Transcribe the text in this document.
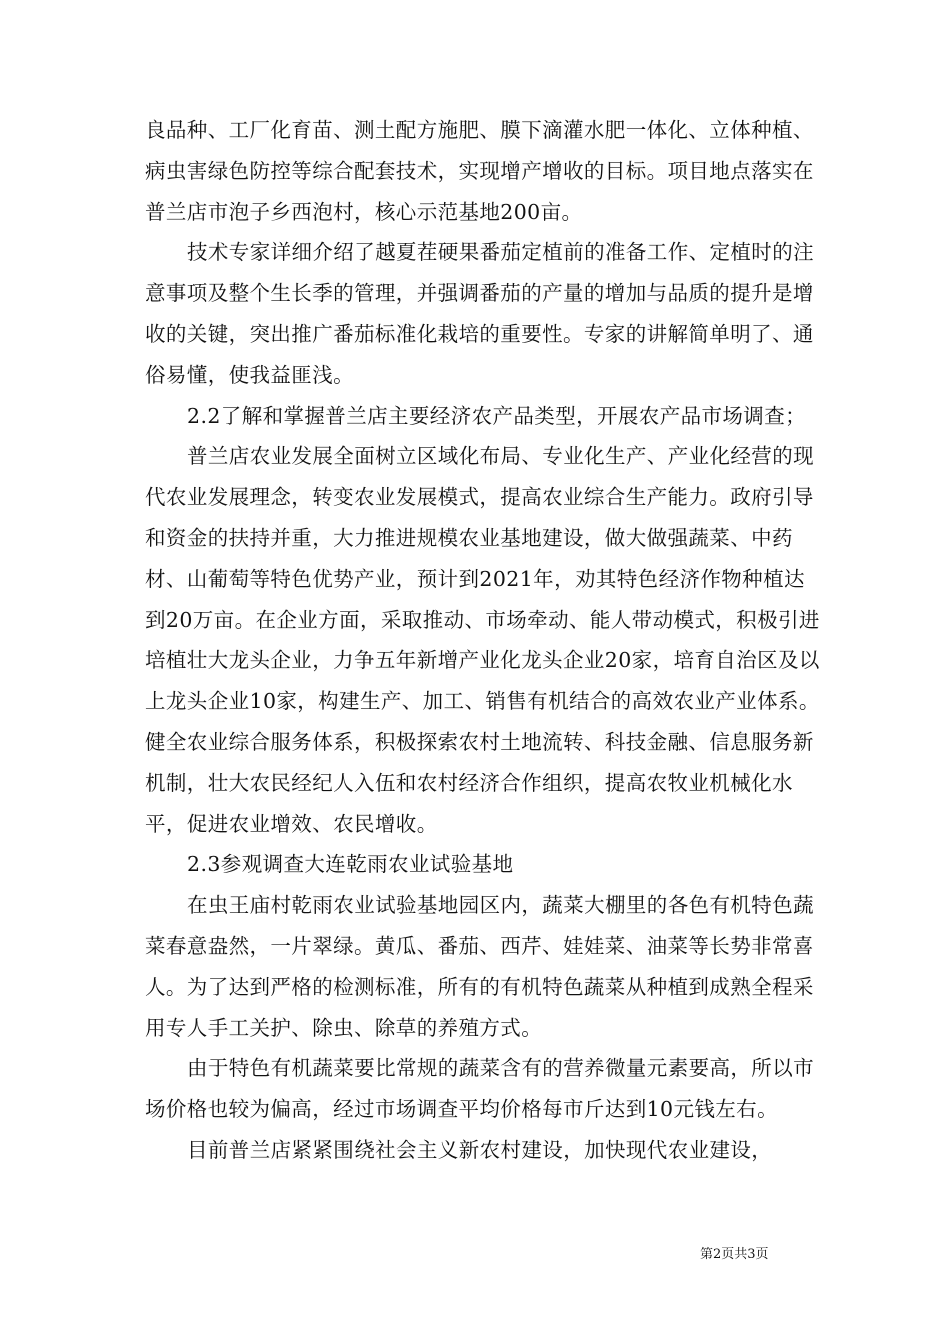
良品种、工厂化育苗、测土配方施肥、膜下滴灌水肥一体化、立体种植、病虫害绿色防控等综合配套技术，实现增产增收的目标。项目地点落实在普兰店市泡子乡西泡村，核心示范基地200亩。

技术专家详细介绍了越夏茬硬果番茄定植前的准备工作、定植时的注意事项及整个生长季的管理，并强调番茄的产量的增加与品质的提升是增收的关键，突出推广番茄标准化栽培的重要性。专家的讲解简单明了、通俗易懂，使我益匪浅。

2.2了解和掌握普兰店主要经济农产品类型，开展农产品市场调查；

普兰店农业发展全面树立区域化布局、专业化生产、产业化经营的现代农业发展理念，转变农业发展模式，提高农业综合生产能力。政府引导和资金的扶持并重，大力推进规模农业基地建设，做大做强蔬菜、中药材、山葡萄等特色优势产业，预计到2021年，劝其特色经济作物种植达到20万亩。在企业方面，采取推动、市场牵动、能人带动模式，积极引进培植壮大龙头企业，力争五年新增产业化龙头企业20家，培育自治区及以上龙头企业10家，构建生产、加工、销售有机结合的高效农业产业体系。健全农业综合服务体系，积极探索农村土地流转、科技金融、信息服务新机制，壮大农民经纪人入伍和农村经济合作组织，提高农牧业机械化水平，促进农业增效、农民增收。

2.3参观调查大连乾雨农业试验基地

在虫王庙村乾雨农业试验基地园区内，蔬菜大棚里的各色有机特色蔬菜春意盎然，一片翠绿。黄瓜、番茄、西芹、娃娃菜、油菜等长势非常喜人。为了达到严格的检测标准，所有的有机特色蔬菜从种植到成熟全程采用专人手工关护、除虫、除草的养殖方式。

由于特色有机蔬菜要比常规的蔬菜含有的营养微量元素要高，所以市场价格也较为偏高，经过市场调查平均价格每市斤达到10元钱左右。

目前普兰店紧紧围绕社会主义新农村建设，加快现代农业建设，

第2页共3页
